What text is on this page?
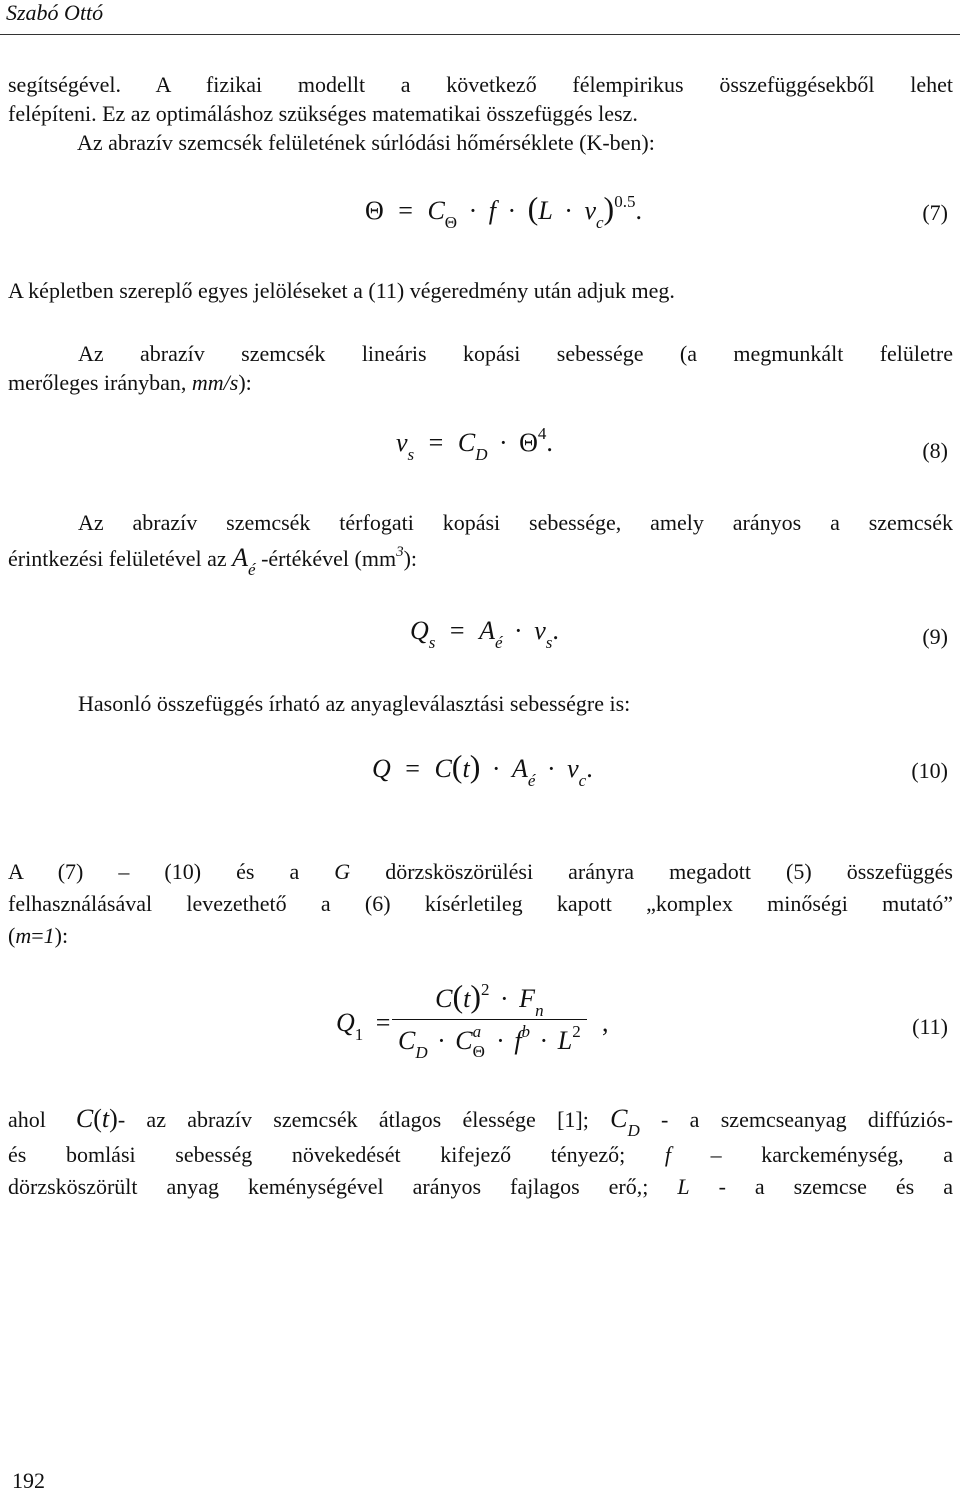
Szabó Ottó
segítségével. A fizikai modellt a következő félempirikus összefüggésekből lehet
felépíteni. Ez az optimáláshoz szükséges matematikai összefüggés lesz.
Az abrazív szemcsék felületének súrlódási hőmérséklete (K-ben):
$\Theta = C_\Theta \cdot f \cdot (L \cdot v_c)^{0.5}$.	(7)
A képletben szereplő egyes jelöléseket a (11) végeredmény után adjuk meg.
Az abrazív szemcsék lineáris kopási sebessége (a megmunkált felületre
merőleges irányban, mm/s):
$v_s = C_D \cdot \Theta^4$.	(8)
Az abrazív szemcsék térfogati kopási sebessége, amely arányos a szemcsék
érintkezési felületével az $A_é$ -értékével $(mm^3)$:
$Q_s = A_é \cdot v_s$.	(9)
Hasonló összefüggés írható az anyagleválasztási sebességre is:
$Q = C(t) \cdot A_é \cdot v_c$.	(10)
A (7) – (10) és a G dörzsköszörülési arányra megadott (5) összefüggés
felhasználásával levezethető a (6) kísérletileg kapott „komplex minőségi mutató”
(m=1):
$Q_1$ =
$C(t)^2 \cdot F_n$
$C_D \cdot C$ a
$\Theta \cdot f^b \cdot L^2$ ,	(11)
ahol C(t)- az abrazív szemcsék átlagos élessége [1]; $C_D$ - a szemcseanyag diffúziós-
és bomlási sebesség növekedését kifejező tényező; f – karckeménység, a
dörzsköszörült anyag keménységével arányos fajlagos erő,; L - a szemcse és a
192
